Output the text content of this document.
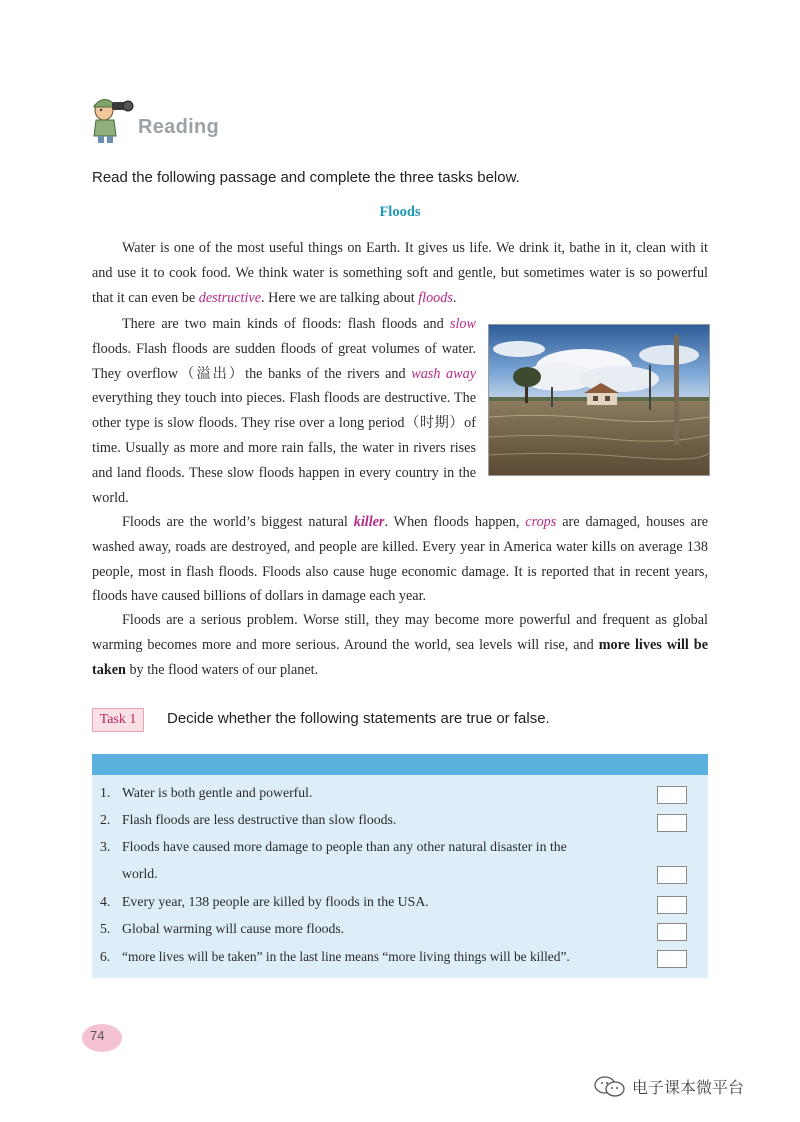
Reading
Read the following passage and complete the three tasks below.
Floods

Water is one of the most useful things on Earth. It gives us life. We drink it, bathe in it, clean with it and use it to cook food. We think water is something soft and gentle, but sometimes water is so powerful that it can even be destructive. Here we are talking about floods.

There are two main kinds of floods: flash floods and slow floods. Flash floods are sudden floods of great volumes of water. They overflow（溢出）the banks of the rivers and wash away everything they touch into pieces. Flash floods are destructive. The other type is slow floods. They rise over a long period（时期）of time. Usually as more and more rain falls, the water in rivers rises and land floods. These slow floods happen in every country in the world.

Floods are the world’s biggest natural killer. When floods happen, crops are damaged, houses are washed away, roads are destroyed, and people are killed. Every year in America water kills on average 138 people, most in flash floods. Floods also cause huge economic damage. It is reported that in recent years, floods have caused billions of dollars in damage each year.

Floods are a serious problem. Worse still, they may become more powerful and frequent as global warming becomes more and more serious. Around the world, sea levels will rise, and more lives will be taken by the flood waters of our planet.

Task 1	Decide whether the following statements are true or false.
1. Water is both gentle and powerful.
2. Flash floods are less destructive than slow floods.
3. Floods have caused more damage to people than any other natural disaster in the
world.
4. Every year, 138 people are killed by floods in the USA.
5. Global warming will cause more floods.
6. “more lives will be taken” in the last line means “more living things will be killed”.
74
电子课本微平台
